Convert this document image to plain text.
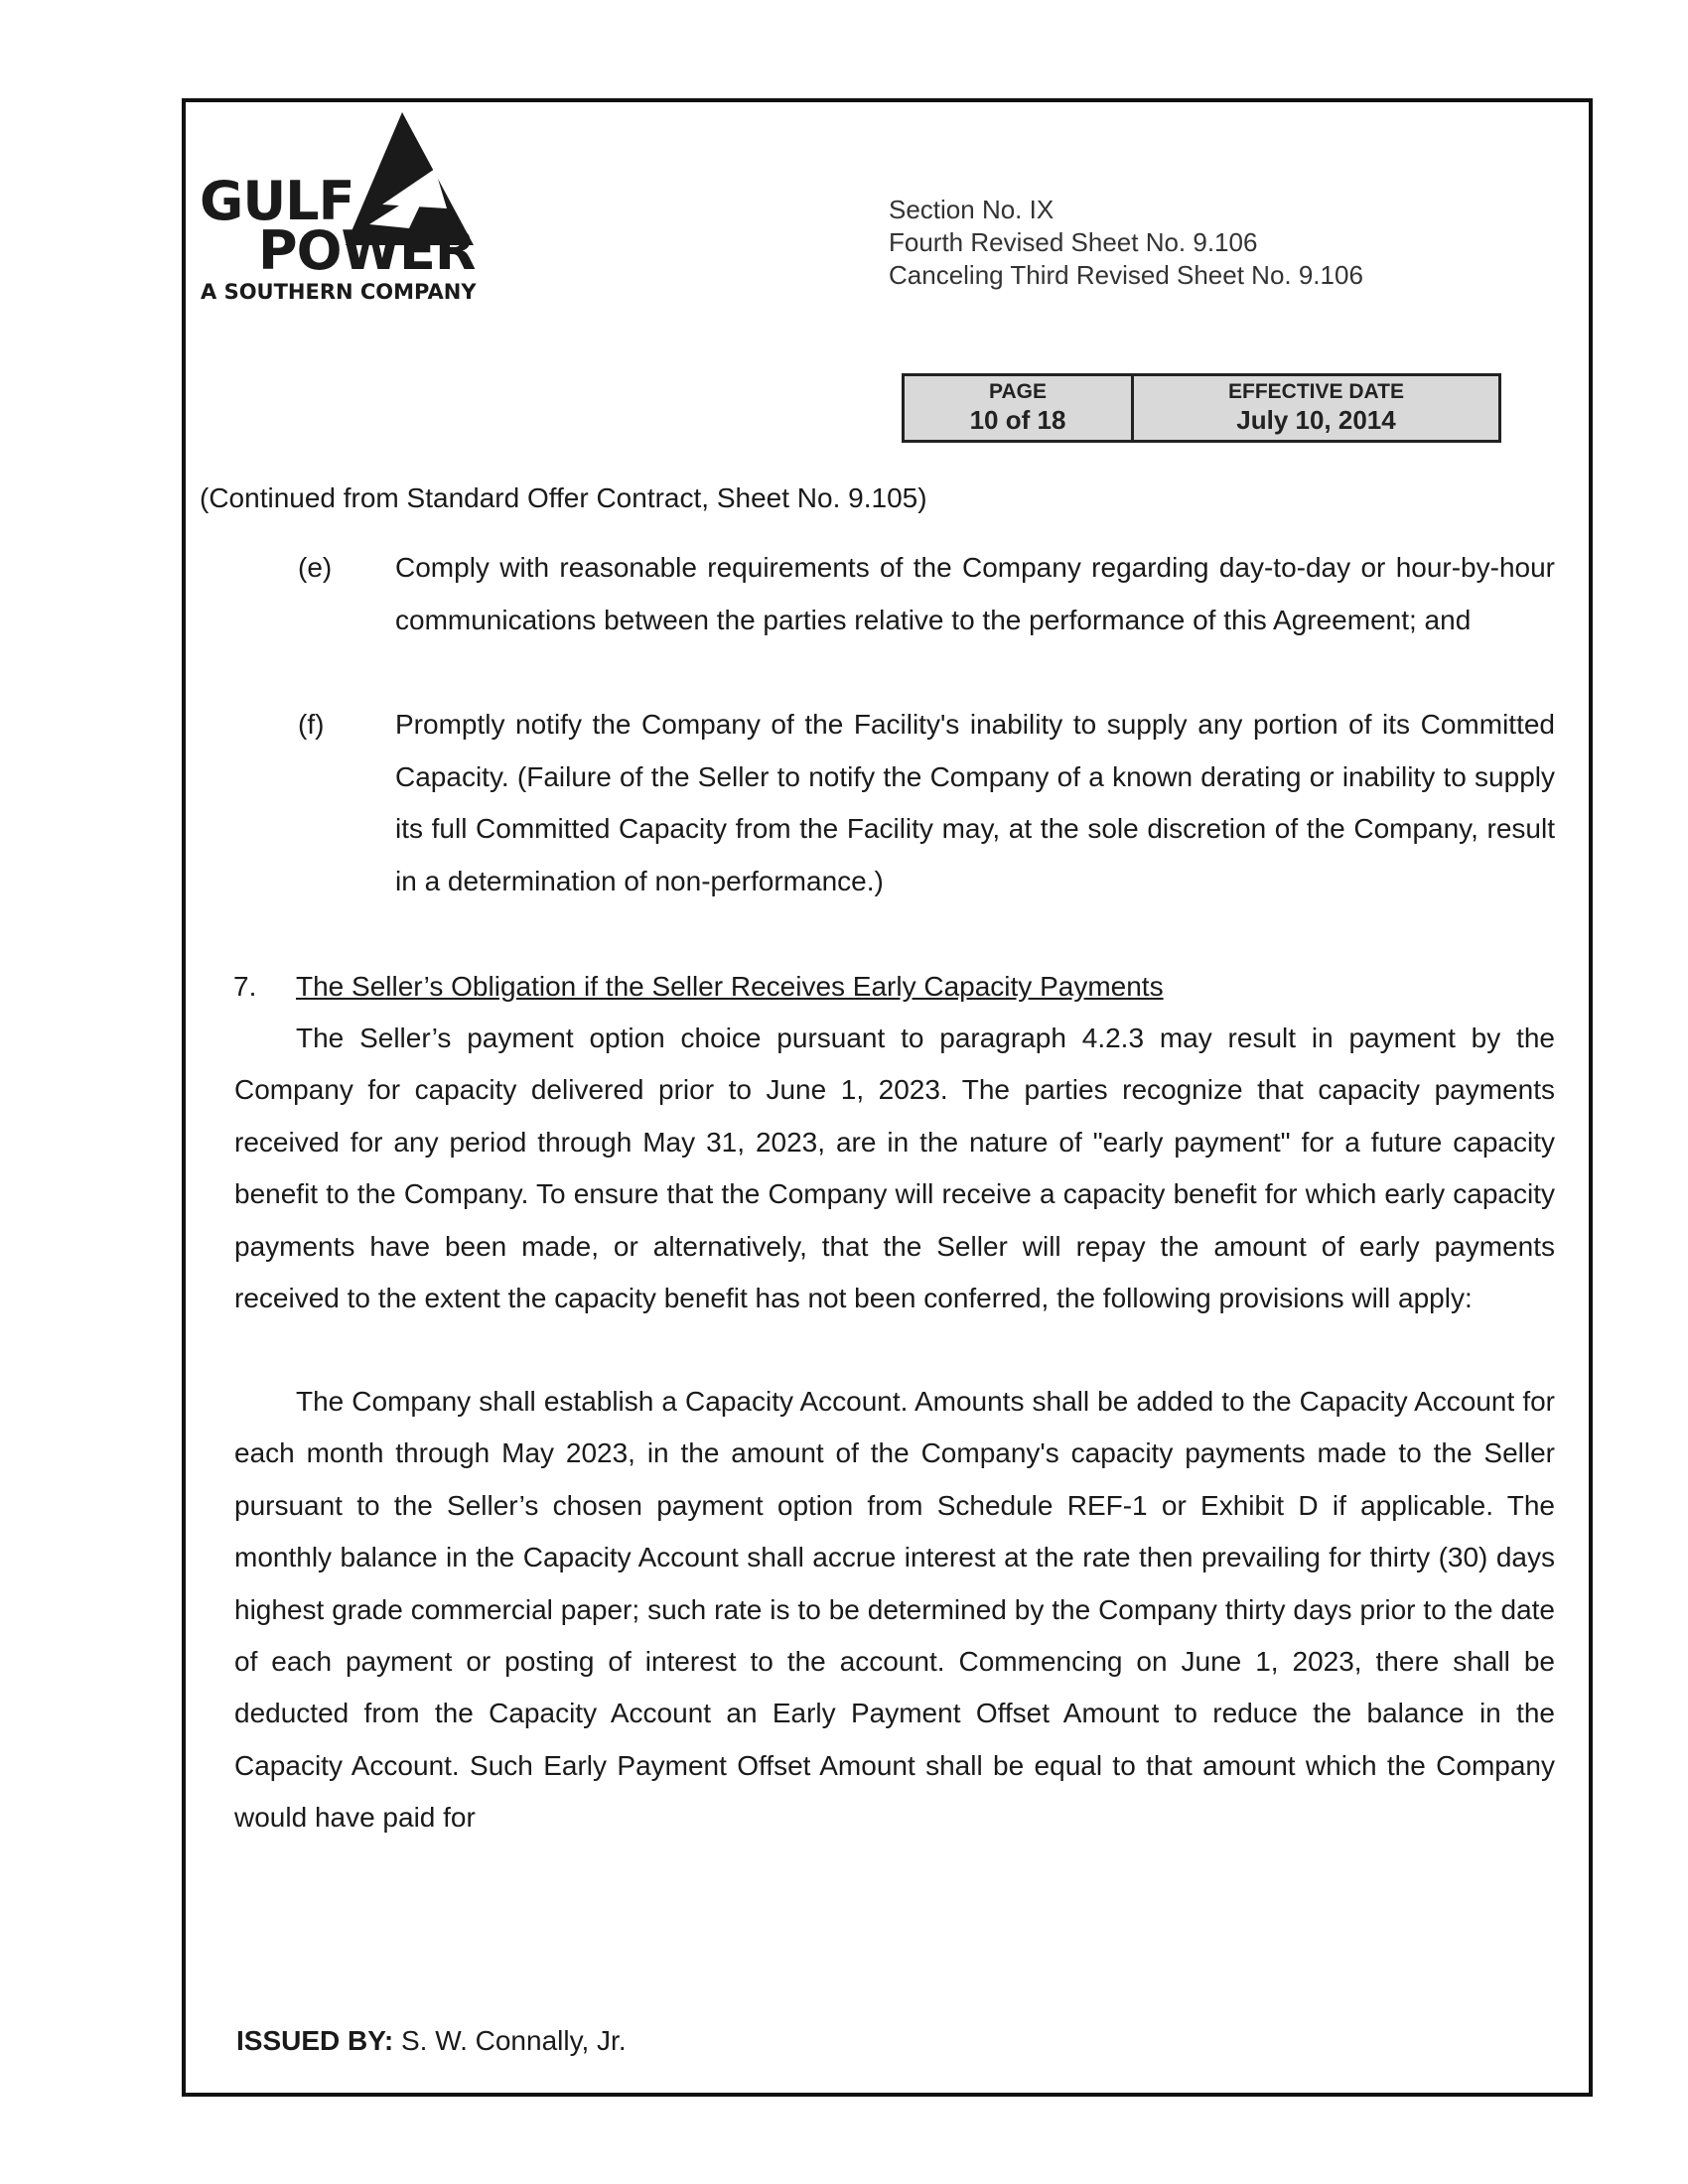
GULF
POWER
A SOUTHERN COMPANY
Section No. IX
Fourth Revised Sheet No. 9.106
Canceling Third Revised Sheet No. 9.106
PAGE
10 of 18
EFFECTIVE DATE
July 10, 2014
(Continued from Standard Offer Contract, Sheet No. 9.105)
(e) Comply with reasonable requirements of the Company regarding day-to-day or hour-by-hour communications between the parties relative to the performance of this Agreement; and

(f)	Promptly notify the Company of the Facility's inability to supply any portion of its Committed Capacity. (Failure of the Seller to notify the Company of a known derating or inability to supply its full Committed Capacity from the Facility may, at the sole discretion of the Company, result in a determination of non-performance.)

7. The Seller’s Obligation if the Seller Receives Early Capacity Payments

The Seller’s payment option choice pursuant to paragraph 4.2.3 may result in payment by the Company for capacity delivered prior to June 1, 2023. The parties recognize that capacity payments received for any period through May 31, 2023, are in the nature of "early payment" for a future capacity benefit to the Company. To ensure that the Company will receive a capacity benefit for which early capacity payments have been made, or alternatively, that the Seller will repay the amount of early payments received to the extent the capacity benefit has not been conferred, the following provisions will apply:

The Company shall establish a Capacity Account. Amounts shall be added to the Capacity Account for each month through May 2023, in the amount of the Company's capacity payments made to the Seller pursuant to the Seller’s chosen payment option from Schedule REF-1 or Exhibit D if applicable. The monthly balance in the Capacity Account shall accrue interest at the rate then prevailing for thirty (30) days highest grade commercial paper; such rate is to be determined by the Company thirty days prior to the date of each payment or posting of interest to the account. Commencing on June 1, 2023, there shall be deducted from the Capacity Account an Early Payment Offset Amount to reduce the balance in the Capacity Account. Such Early Payment Offset Amount shall be equal to that amount which the Company would have paid for

ISSUED BY: S. W. Connally, Jr.
